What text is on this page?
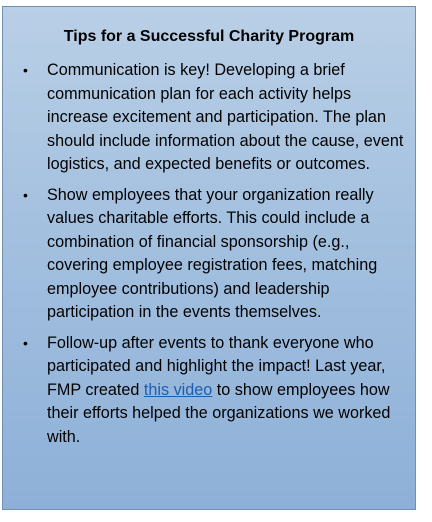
Tips for a Successful Charity Program
• Communication is key! Developing a brief communication plan for each activity helps increase excitement and participation. The plan should include information about the cause, event logistics, and expected benefits or outcomes.
• Show employees that your organization really values charitable efforts. This could include a combination of financial sponsorship (e.g., covering employee registration fees, matching employee contributions) and leadership participation in the events themselves.
• Follow-up after events to thank everyone who participated and highlight the impact! Last year, FMP created this video to show employees how their efforts helped the organizations we worked with.
